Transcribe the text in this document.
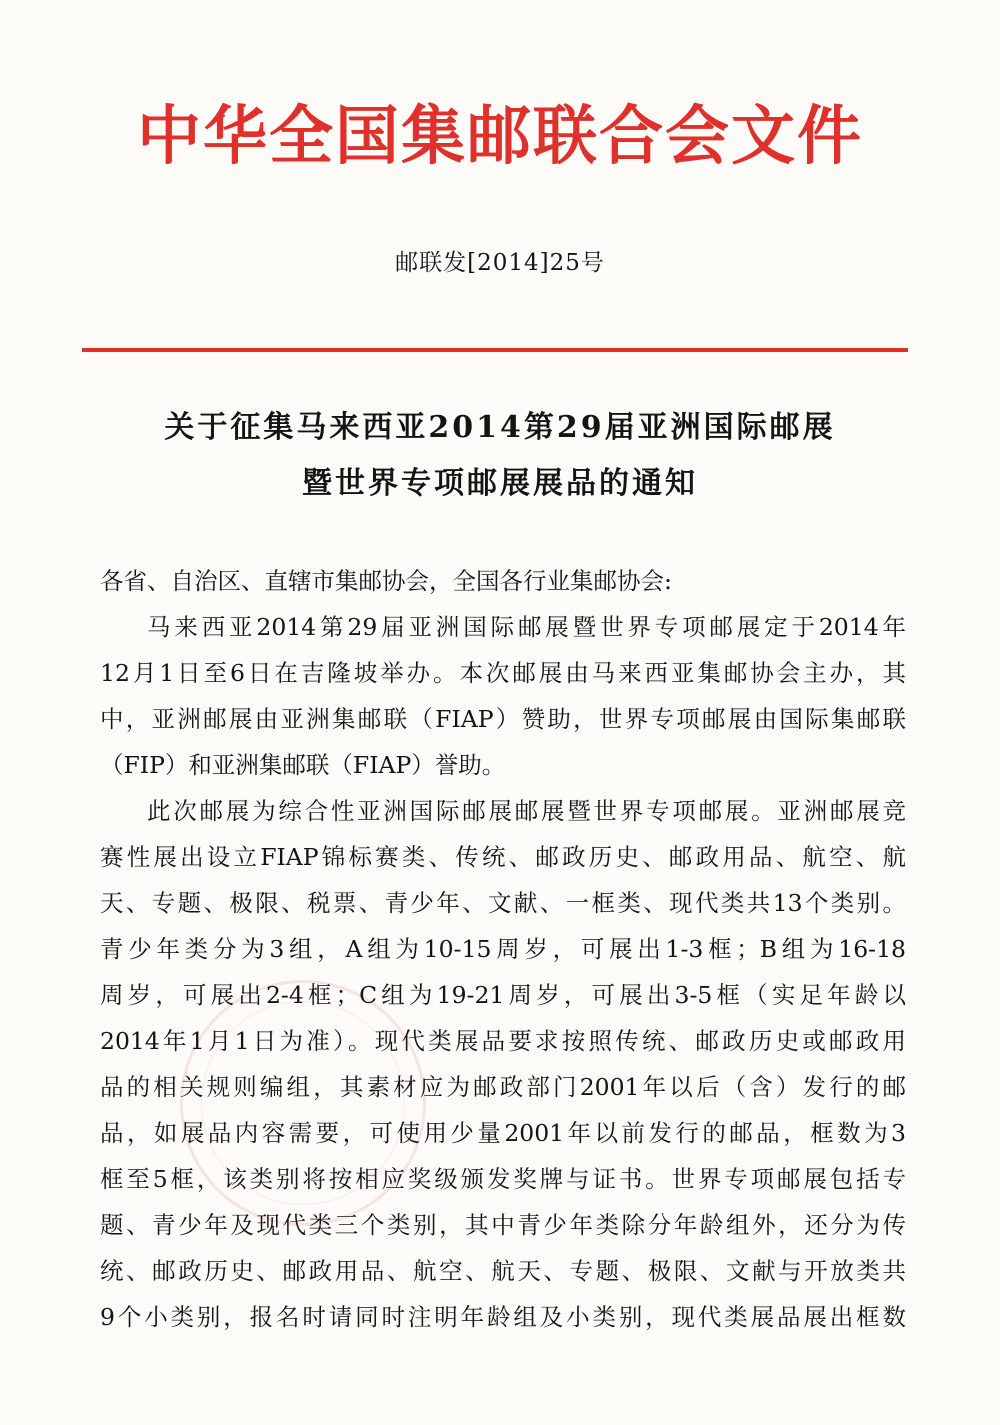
中华全国集邮联合会文件
邮联发[2014]25号
关于征集马来西亚2014第29届亚洲国际邮展
暨世界专项邮展展品的通知
各省、自治区、直辖市集邮协会，全国各行业集邮协会:
马来西亚2014第29届亚洲国际邮展暨世界专项邮展定于2014年
12月1日至6日在吉隆坡举办。本次邮展由马来西亚集邮协会主办，其
中，亚洲邮展由亚洲集邮联（FIAP）赞助，世界专项邮展由国际集邮联
（FIP）和亚洲集邮联（FIAP）誉助。
此次邮展为综合性亚洲国际邮展邮展暨世界专项邮展。亚洲邮展竞
赛性展出设立FIAP锦标赛类、传统、邮政历史、邮政用品、航空、航
天、专题、极限、税票、青少年、文献、一框类、现代类共13个类别。
青少年类分为3组，A组为10-15周岁，可展出1-3框；B组为16-18
周岁，可展出2-4框；C组为19-21周岁，可展出3-5框（实足年龄以
2014年1月1日为准）。现代类展品要求按照传统、邮政历史或邮政用
品的相关规则编组，其素材应为邮政部门2001年以后（含）发行的邮
品，如展品内容需要，可使用少量2001年以前发行的邮品，框数为3
框至5框，该类别将按相应奖级颁发奖牌与证书。世界专项邮展包括专
题、青少年及现代类三个类别，其中青少年类除分年龄组外，还分为传
统、邮政历史、邮政用品、航空、航天、专题、极限、文献与开放类共
9个小类别，报名时请同时注明年龄组及小类别，现代类展品展出框数
